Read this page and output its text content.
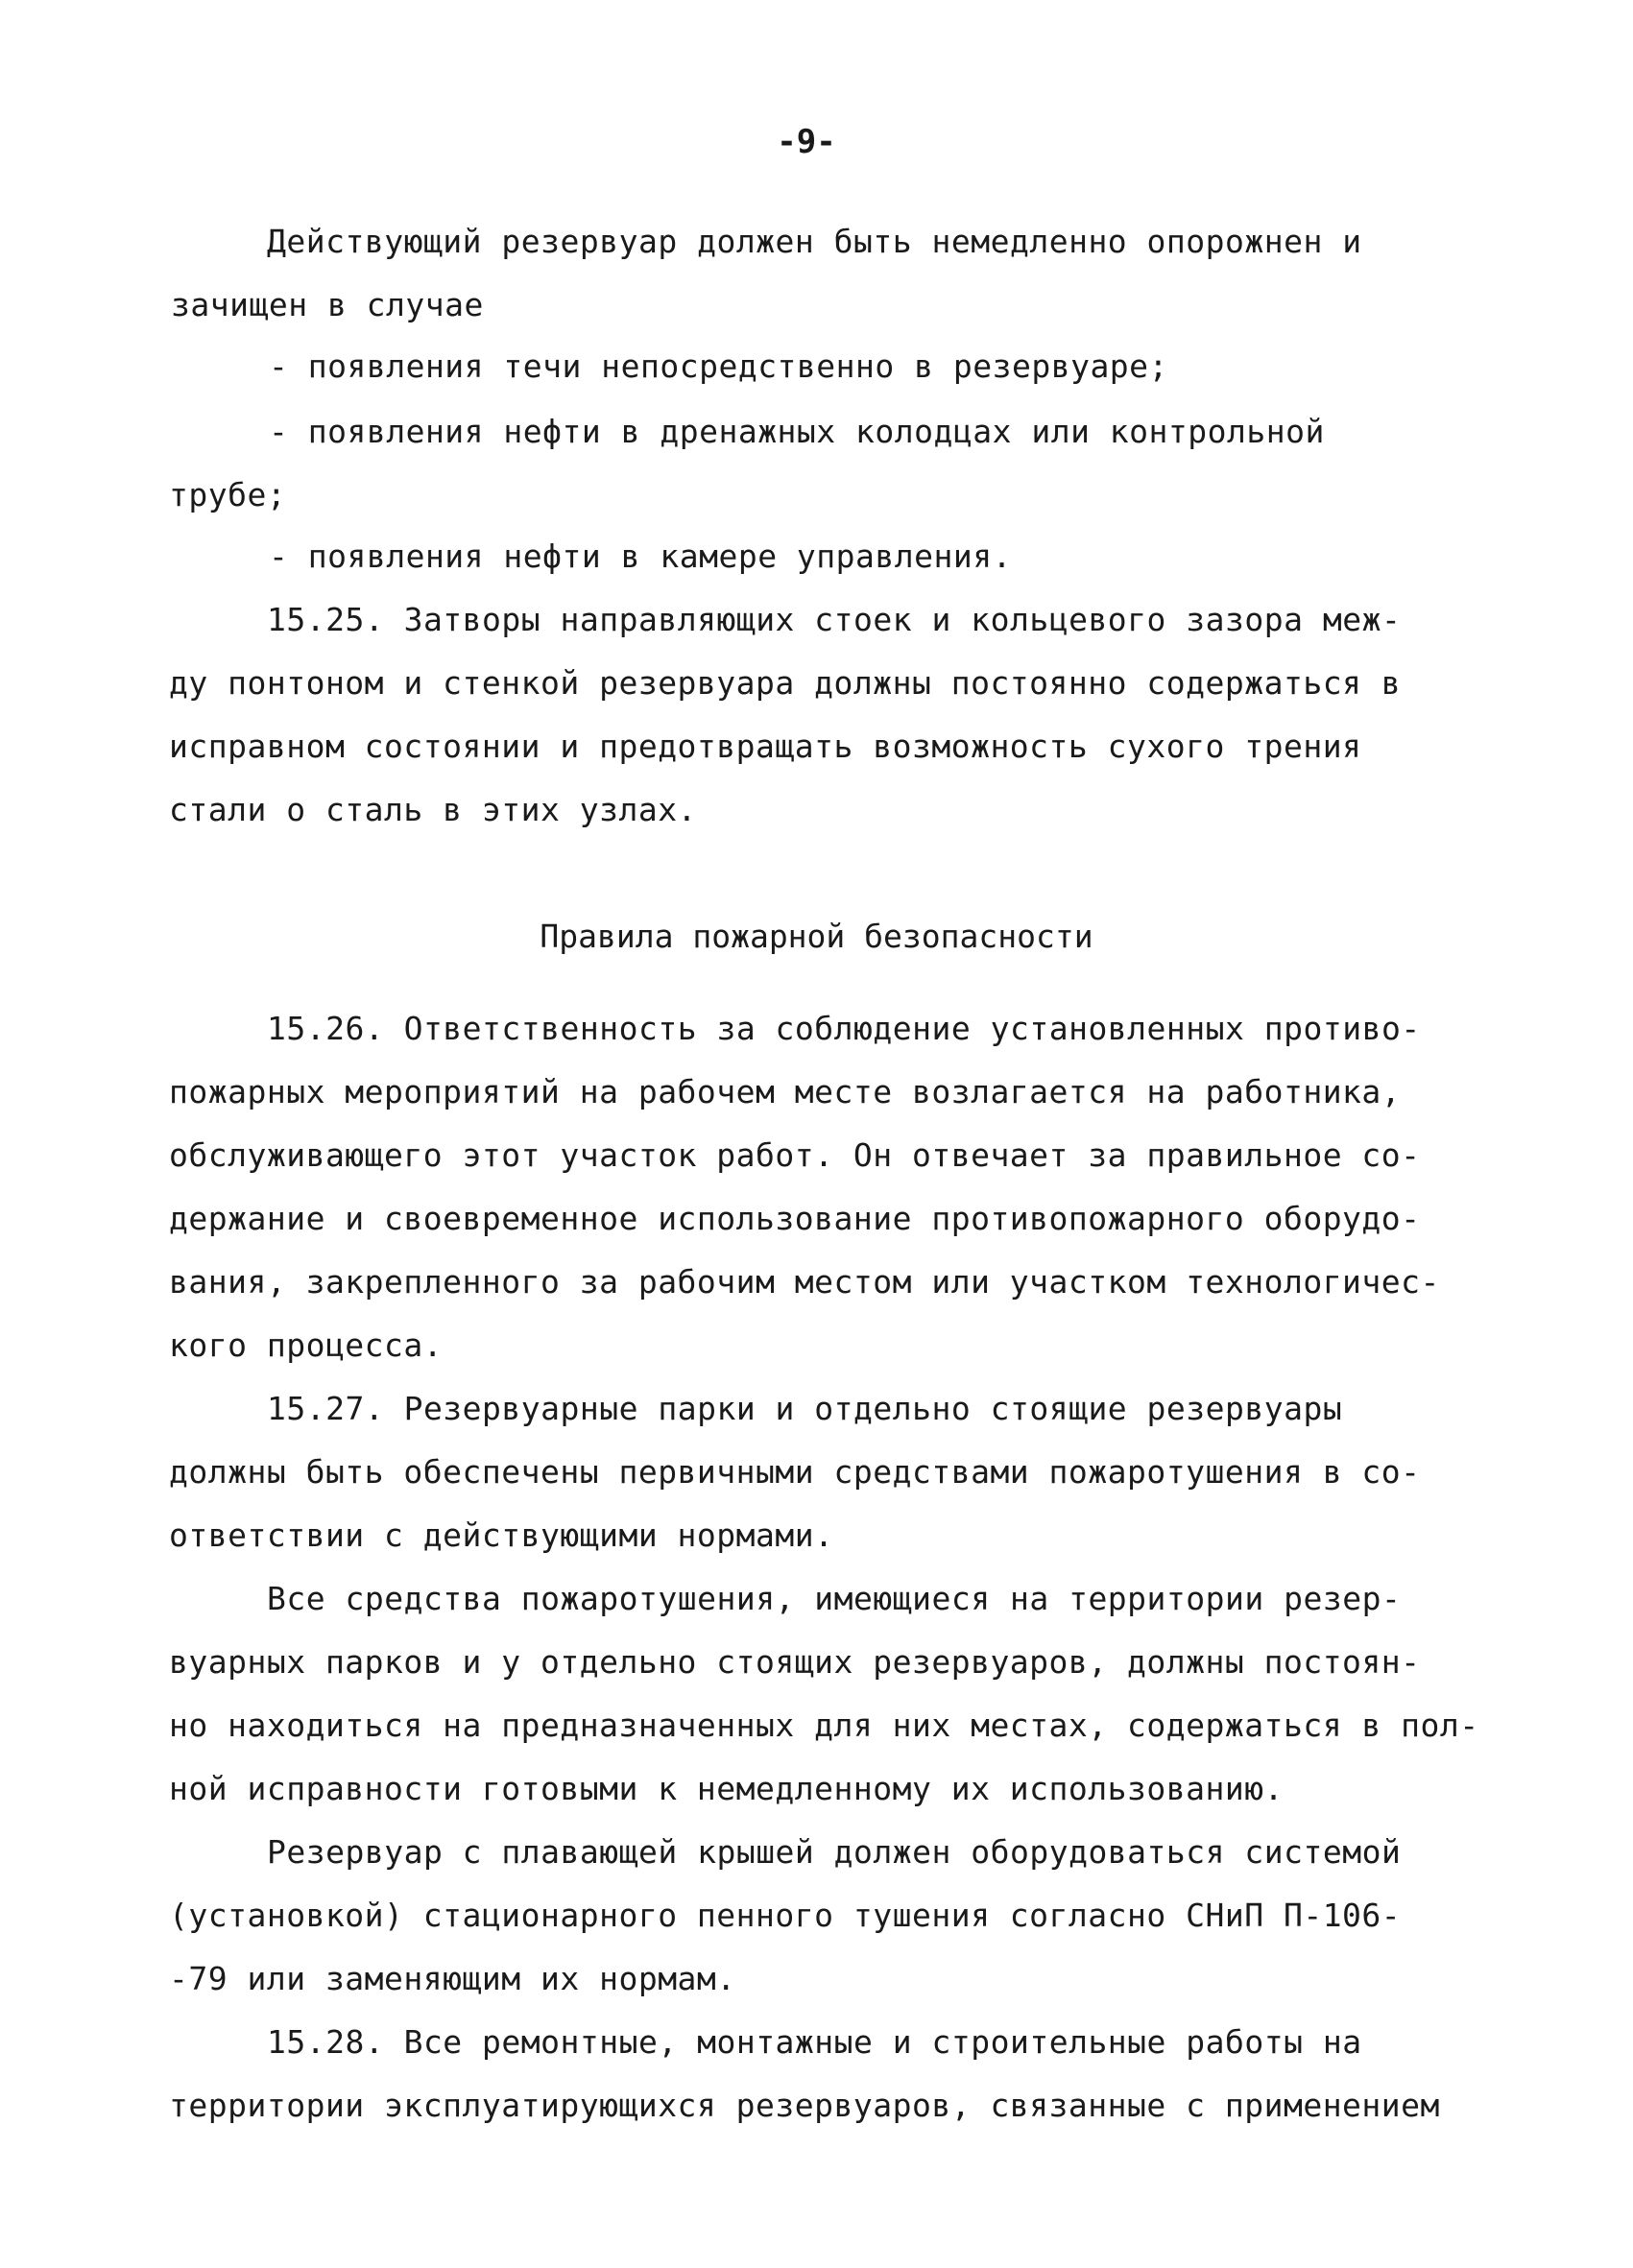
-9-
Действующий резервуар должен быть немедленно опорожнен и
зачищен в случае
- появления течи непосредственно в резервуаре;
- появления нефти в дренажных колодцах или контрольной
трубе;
- появления нефти в камере управления.
15.25. Затворы направляющих стоек и кольцевого зазора меж-
ду понтоном и стенкой резервуара должны постоянно содержаться в
исправном состоянии и предотвращать возможность сухого трения
стали о сталь в этих узлах.
Правила пожарной безопасности
15.26. Ответственность за соблюдение установленных противо-
пожарных мероприятий на рабочем месте возлагается на работника,
обслуживающего этот участок работ. Он отвечает за правильное со-
держание и своевременное использование противопожарного оборудо-
вания, закрепленного за рабочим местом или участком технологичес-
кого процесса.
15.27. Резервуарные парки и отдельно стоящие резервуары
должны быть обеспечены первичными средствами пожаротушения в со-
ответствии с действующими нормами.
Все средства пожаротушения, имеющиеся на территории резер-
вуарных парков и у отдельно стоящих резервуаров, должны постоян-
но находиться на предназначенных для них местах, содержаться в пол-
ной исправности готовыми к немедленному их использованию.
Резервуар с плавающей крышей должен оборудоваться системой
(установкой) стационарного пенного тушения согласно СНиП П-106-
-79 или заменяющим их нормам.
15.28. Все ремонтные, монтажные и строительные работы на
территории эксплуатирующихся резервуаров, связанные с применением
